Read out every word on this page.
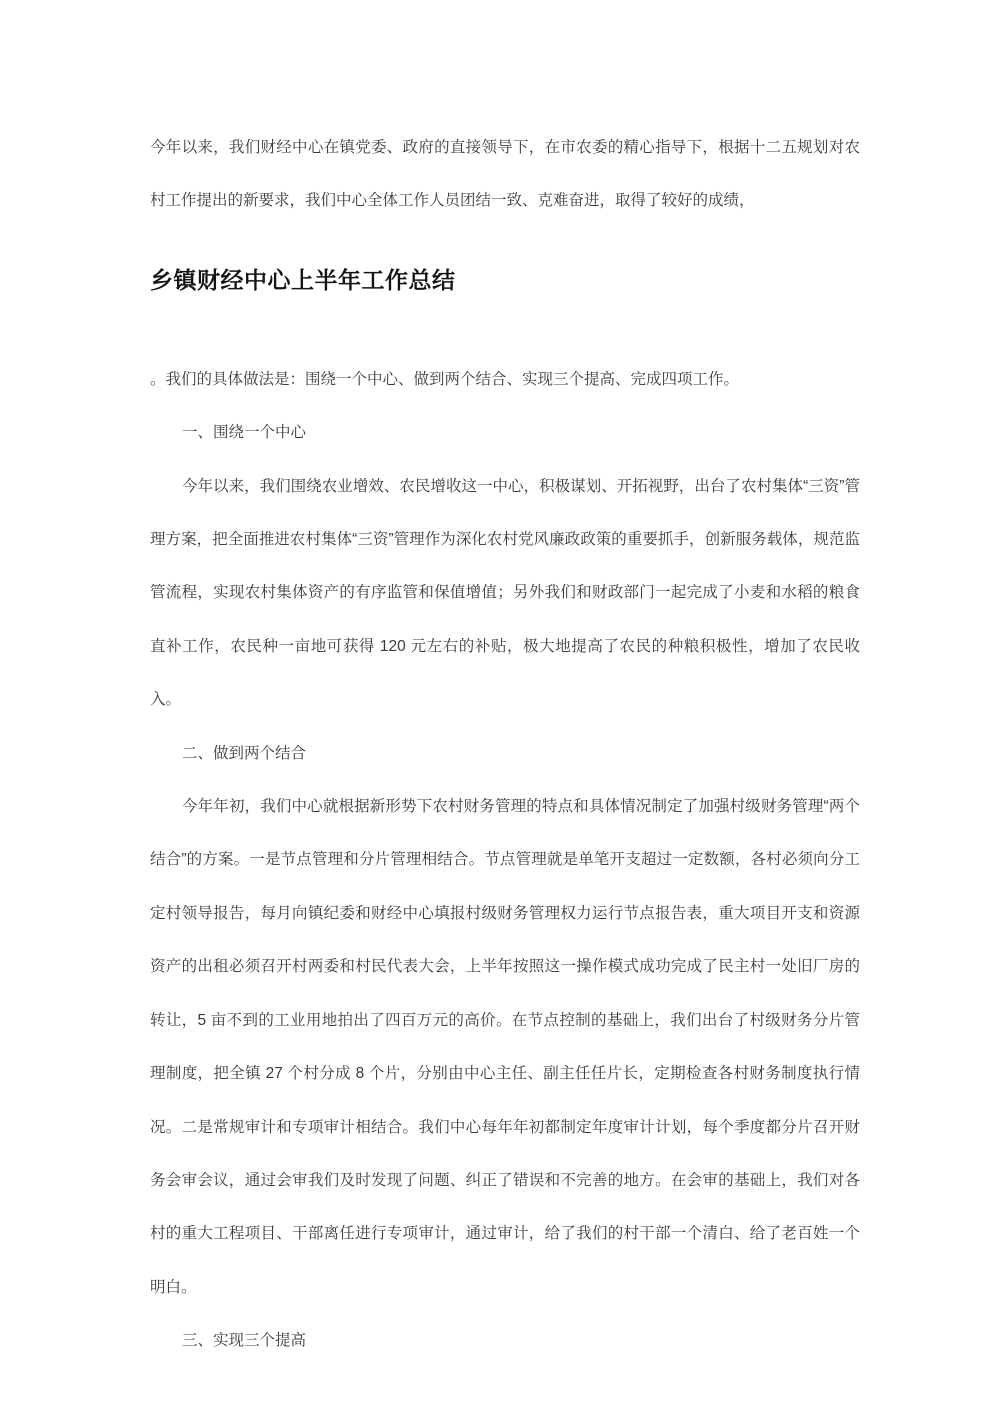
今年以来，我们财经中心在镇党委、政府的直接领导下，在市农委的精心指导下，根据十二五规划对农村工作提出的新要求，我们中心全体工作人员团结一致、克难奋进，取得了较好的成绩，

乡镇财经中心上半年工作总结

。我们的具体做法是：围绕一个中心、做到两个结合、实现三个提高、完成四项工作。

一、围绕一个中心

今年以来，我们围绕农业增效、农民增收这一中心，积极谋划、开拓视野，出台了农村集体“三资”管理方案，把全面推进农村集体“三资”管理作为深化农村党风廉政政策的重要抓手，创新服务载体，规范监管流程，实现农村集体资产的有序监管和保值增值；另外我们和财政部门一起完成了小麦和水稻的粮食直补工作，农民种一亩地可获得 120 元左右的补贴，极大地提高了农民的种粮积极性，增加了农民收入。

二、做到两个结合

今年年初，我们中心就根据新形势下农村财务管理的特点和具体情况制定了加强村级财务管理“两个结合”的方案。一是节点管理和分片管理相结合。节点管理就是单笔开支超过一定数额，各村必须向分工定村领导报告，每月向镇纪委和财经中心填报村级财务管理权力运行节点报告表，重大项目开支和资源资产的出租必须召开村两委和村民代表大会，上半年按照这一操作模式成功完成了民主村一处旧厂房的转让，5 亩不到的工业用地拍出了四百万元的高价。在节点控制的基础上，我们出台了村级财务分片管理制度，把全镇 27 个村分成 8 个片，分别由中心主任、副主任任片长，定期检查各村财务制度执行情况。二是常规审计和专项审计相结合。我们中心每年年初都制定年度审计计划，每个季度都分片召开财务会审会议，通过会审我们及时发现了问题、纠正了错误和不完善的地方。在会审的基础上，我们对各村的重大工程项目、干部离任进行专项审计，通过审计，给了我们的村干部一个清白、给了老百姓一个明白。

三、实现三个提高
